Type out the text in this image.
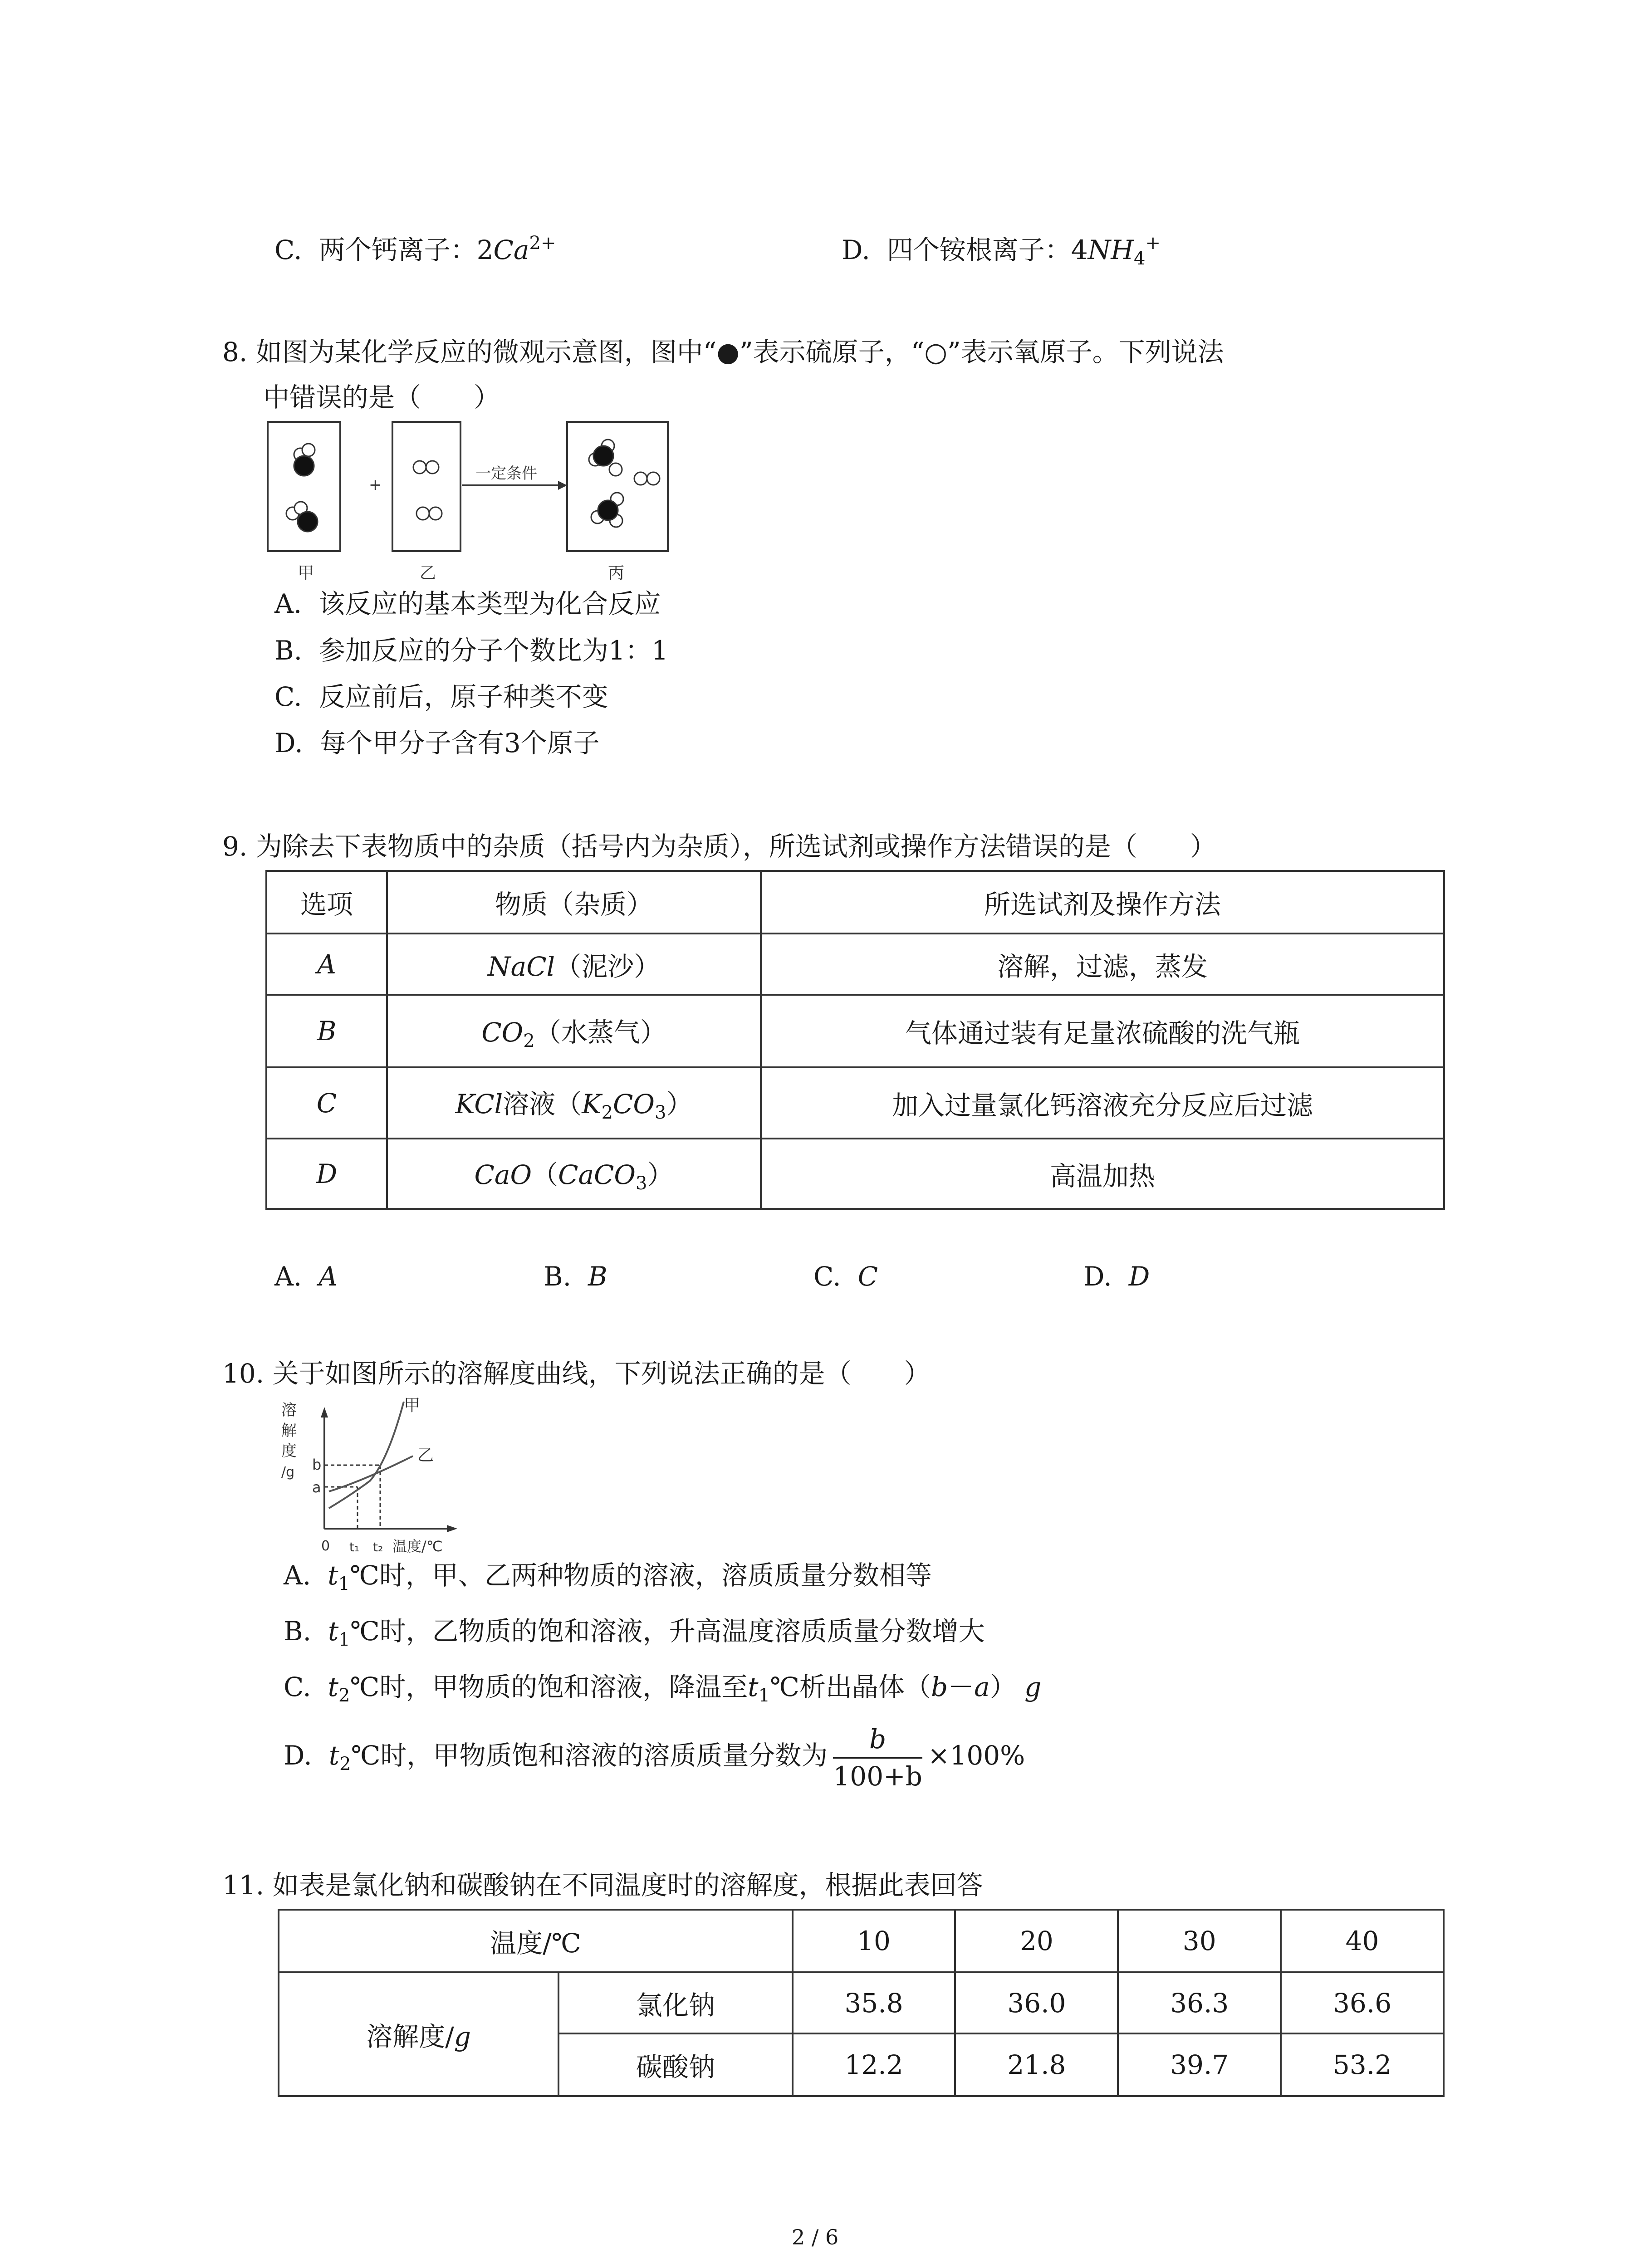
C. 两个钙离子：$2Ca^{2+}$	D. 四个铵根离子：$4NH_4^+$
8. 如图为某化学反应的微观示意图，图中“●”表示硫原子，“○”表示氧原子。下列说法
中错误的是（　　）
+
一定条件
甲	乙	丙
A. 该反应的基本类型为化合反应
B. 参加反应的分子个数比为1：1
C. 反应前后，原子种类不变
D. 每个甲分子含有3个原子
9. 为除去下表物质中的杂质（括号内为杂质），所选试剂或操作方法错误的是（　　）
选项	物质（杂质）	所选试剂及操作方法
A	NaCl（泥沙）	溶解，过滤，蒸发
B	$CO_2$（水蒸气）	气体通过装有足量浓硫酸的洗气瓶
C	KCl溶液$(K_2CO_3)$	加入过量氯化钙溶液充分反应后过滤
D	CaO（CaCO$_3$）	高温加热
A. A	B. B	C. C	D. D
10. 关于如图所示的溶解度曲线，下列说法正确的是（　　）
溶
解
度
/g b
a
0 t₁ t₂ 温度/℃
甲
乙
A. $t_1℃$时，甲、乙两种物质的溶液，溶质质量分数相等
B. $t_1℃$时，乙物质的饱和溶液，升高温度溶质质量分数增大
C. $t_2℃$时，甲物质的饱和溶液，降温至$t_1℃$析出晶体（b－a） g
D. $t_2℃$时，甲物质饱和溶液的溶质质量分数为 $\frac{b}{100+b} \times 100\%$
11. 如表是氯化钠和碳酸钠在不同温度时的溶解度，根据此表回答
温度/℃		10	20	30	40
溶解度/g	氯化钠	35.8	36.0	36.3	36.6
	碳酸钠	12.2	21.8	39.7	53.2
2 / 6
